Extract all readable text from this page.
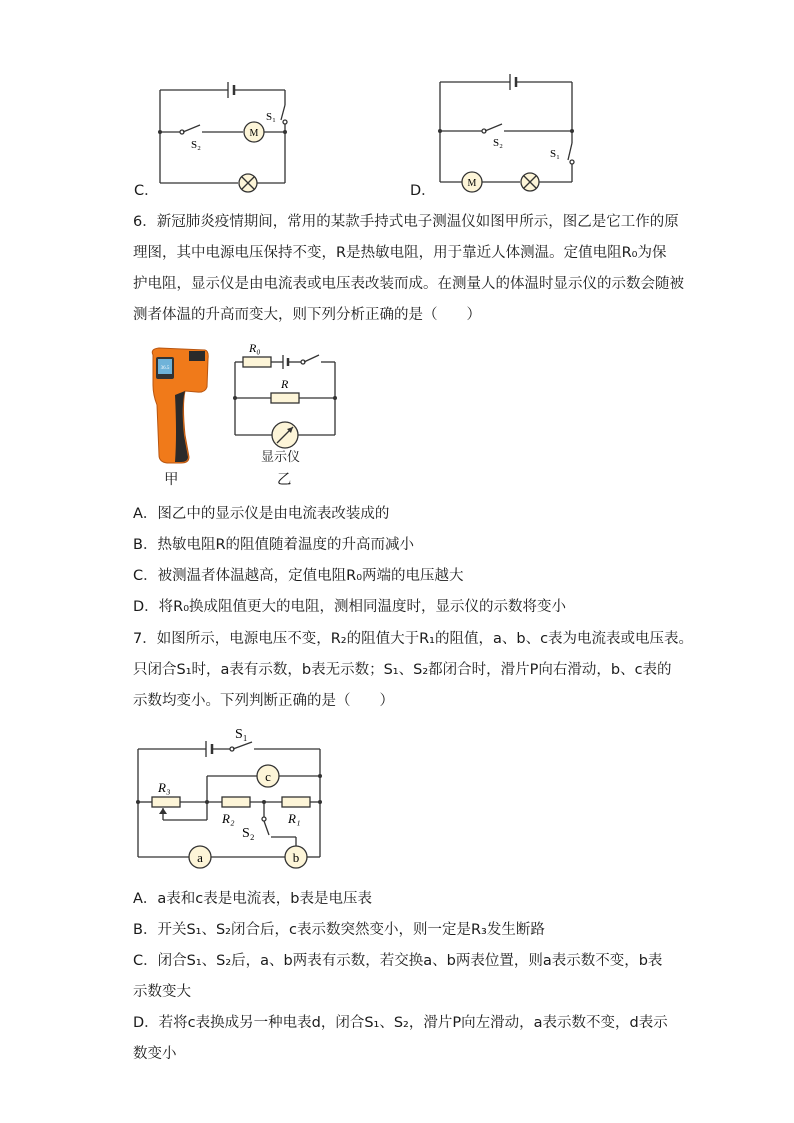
M
S₁
S₂
C．	M
S₂
S₁
D．
6．新冠肺炎疫情期间，常用的某款手持式电子测温仪如图甲所示，图乙是它工作的原
理图，其中电源电压保持不变，R是热敏电阻，用于靠近人体测温。定值电阻R₀为保
护电阻，显示仪是由电流表或电压表改装而成。在测量人的体温时显示仪的示数会随被
测者体温的升高而变大，则下列分析正确的是（　　）
36.5
甲
R₀
R
显示仪
乙
A．图乙中的显示仪是由电流表改装成的
B．热敏电阻R的阻值随着温度的升高而减小
C．被测温者体温越高，定值电阻R₀两端的电压越大
D．将R₀换成阻值更大的电阻，测相同温度时，显示仪的示数将变小
7．如图所示，电源电压不变，R₂的阻值大于R₁的阻值，a、b、c表为电流表或电压表。
只闭合S₁时，a表有示数，b表无示数；S₁、S₂都闭合时，滑片P向右滑动，b、c表的
示数均变小。下列判断正确的是（　　）
S₁
c
R₃
R₂	R₁
S₂
a	b
A．a表和c表是电流表，b表是电压表
B．开关S₁、S₂闭合后，c表示数突然变小，则一定是R₃发生断路
C．闭合S₁、S₂后，a、b两表有示数，若交换a、b两表位置，则a表示数不变，b表
示数变大
D．若将c表换成另一种电表d，闭合S₁、S₂，滑片P向左滑动，a表示数不变，d表示
数变小
